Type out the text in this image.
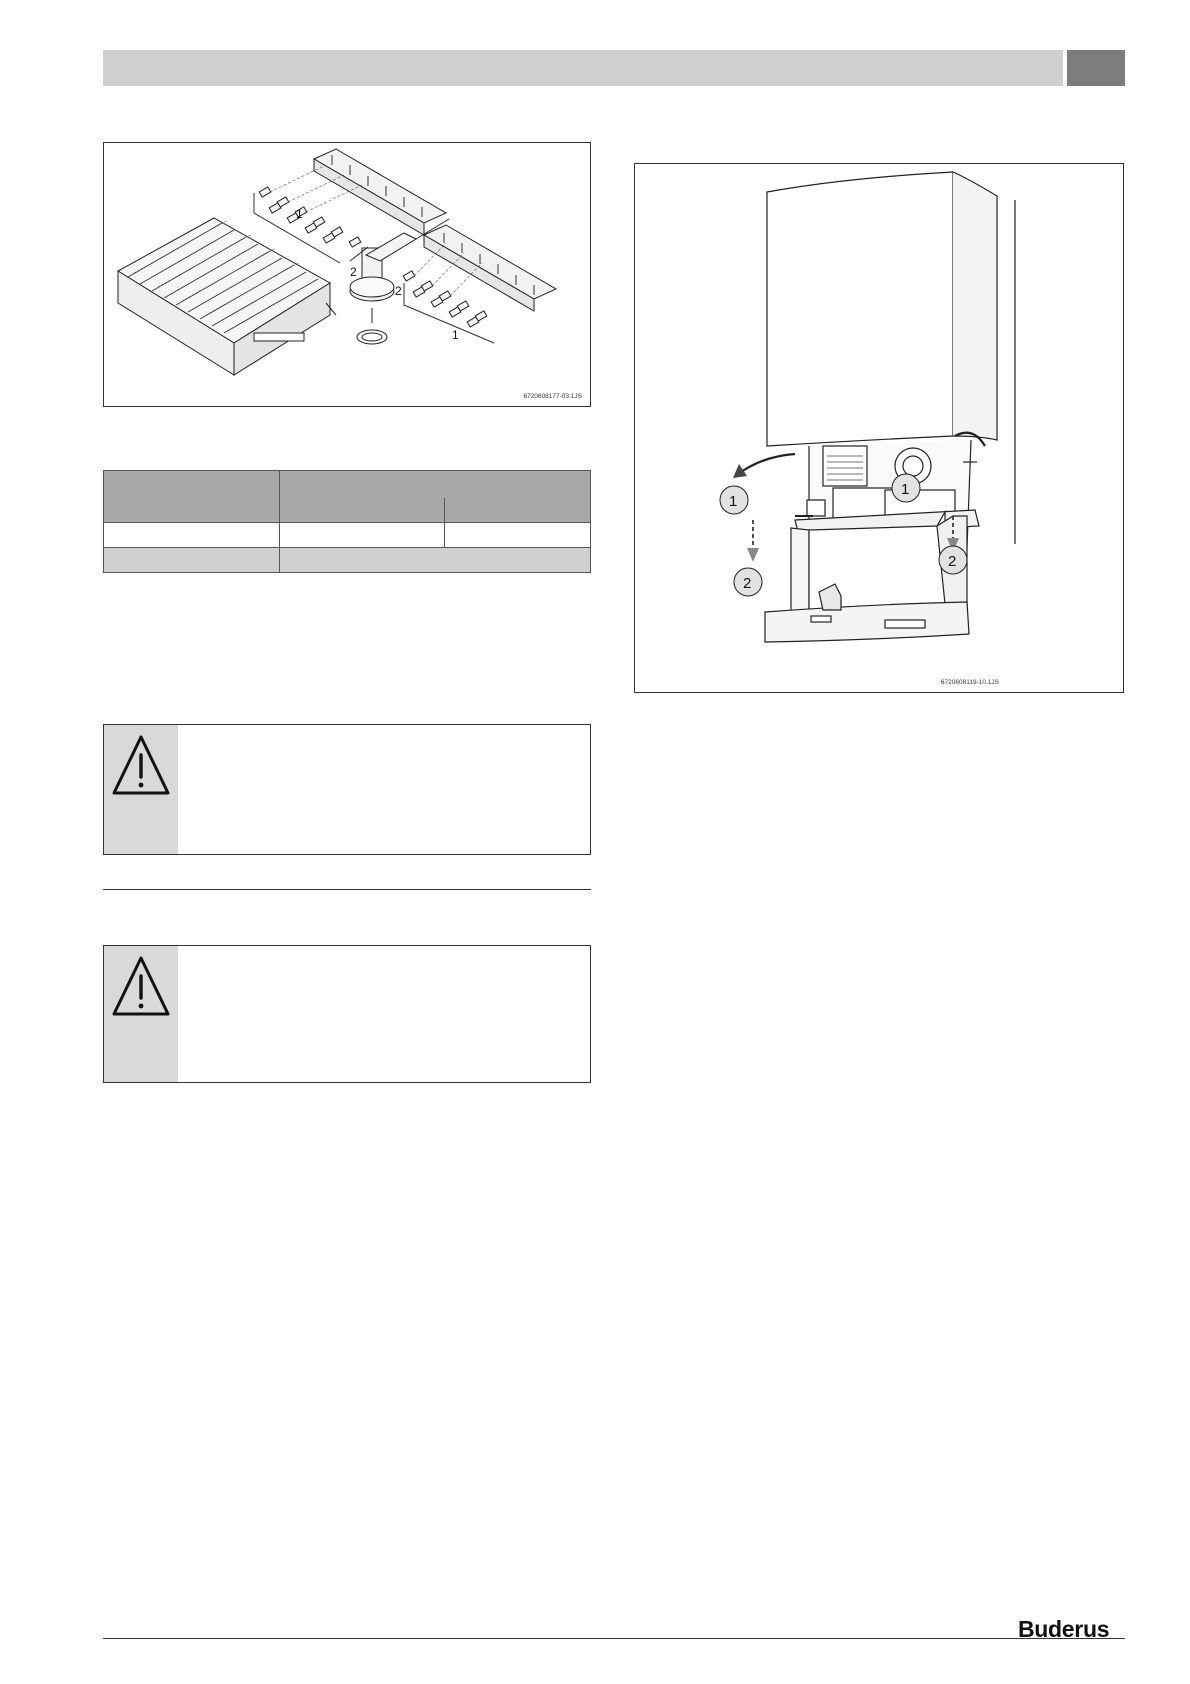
1
2
2
1
6720608177-03.1JS

1
1
2
2
6720608119-10.1JS
Buderus
